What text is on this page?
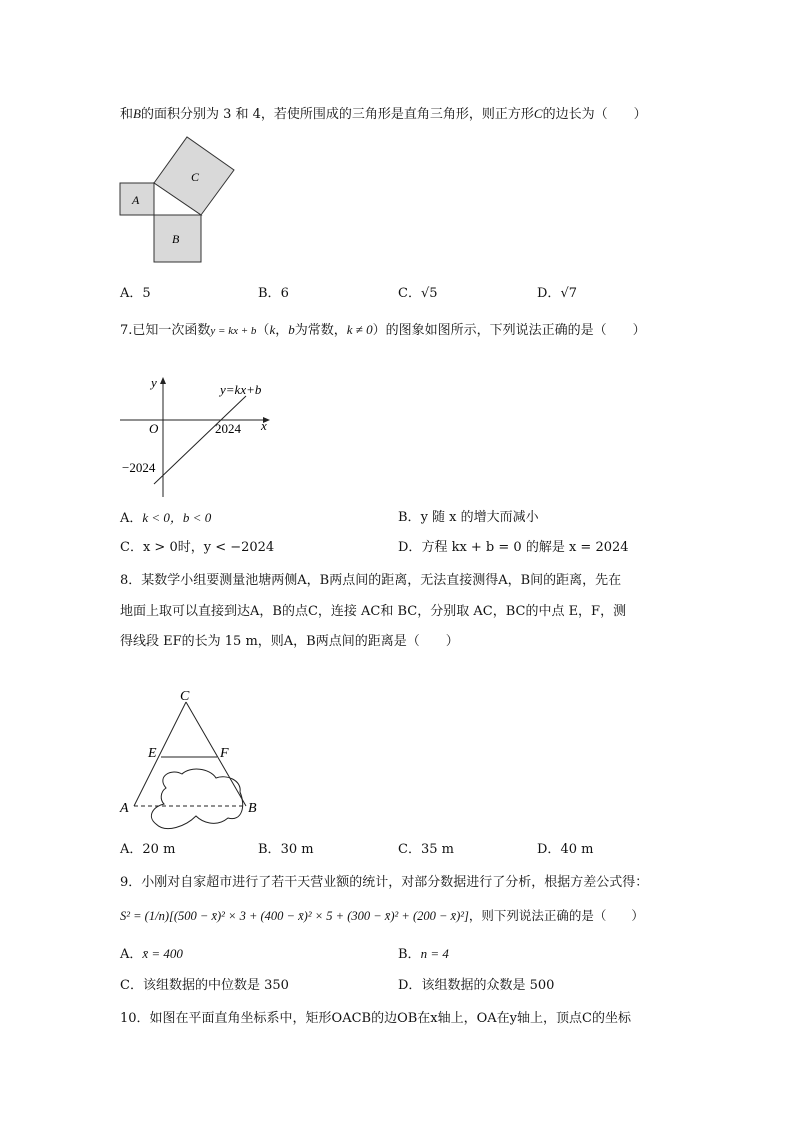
和B的面积分别为 3 和 4，若使所围成的三角形是直角三角形，则正方形C的边长为（　　）
A
B
C
A．5	B．6	C．√5	D．√7
7.已知一次函数y = kx + b（k，b为常数，k ≠ 0）的图象如图所示，下列说法正确的是（　　）
y
x
O
y=kx+b
2024
−2024
A．k < 0，b < 0	B．y 随 x 的增大而减小
C．x > 0时，y < −2024	D．方程 kx + b = 0 的解是 x = 2024
8．某数学小组要测量池塘两侧A，B两点间的距离，无法直接测得A，B间的距离，先在
地面上取可以直接到达A，B的点C，连接 AC和 BC，分别取 AC，BC的中点 E，F，测
得线段 EF的长为 15 m，则A，B两点间的距离是（　　）
C
E	F
A	B
A．20 m	B．30 m	C．35 m	D．40 m
9．小刚对自家超市进行了若干天营业额的统计，对部分数据进行了分析，根据方差公式得：
S² = (1/n)[(500 − x̄)² × 3 + (400 − x̄)² × 5 + (300 − x̄)² + (200 − x̄)²]，则下列说法正确的是（　　）
A．x̄ = 400	B．n = 4
C．该组数据的中位数是 350	D．该组数据的众数是 500
10．如图在平面直角坐标系中，矩形OACB的边OB在x轴上，OA在y轴上，顶点C的坐标
